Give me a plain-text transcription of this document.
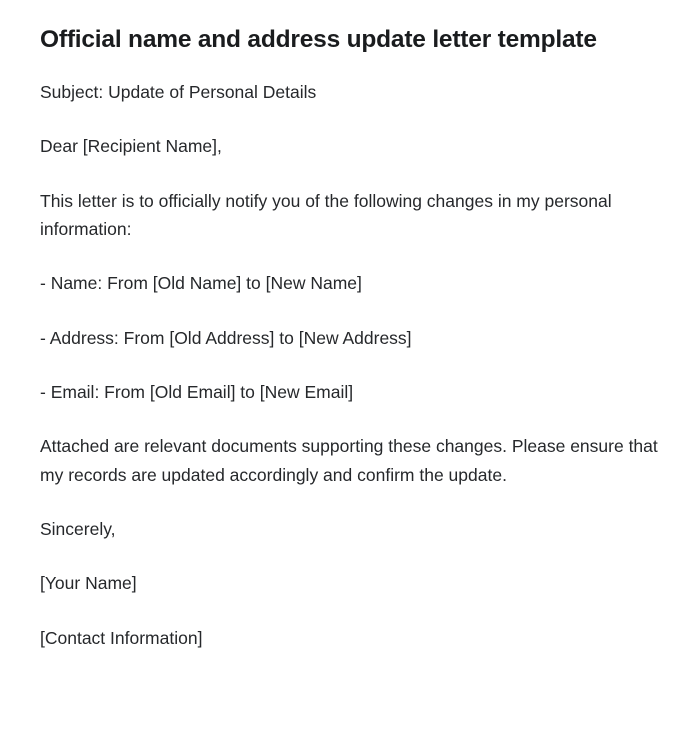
Official name and address update letter template

Subject: Update of Personal Details

Dear [Recipient Name],

This letter is to officially notify you of the following changes in my personal information:

- Name: From [Old Name] to [New Name]

- Address: From [Old Address] to [New Address]

- Email: From [Old Email] to [New Email]

Attached are relevant documents supporting these changes. Please ensure that my records are updated accordingly and confirm the update.

Sincerely,

[Your Name]

[Contact Information]
